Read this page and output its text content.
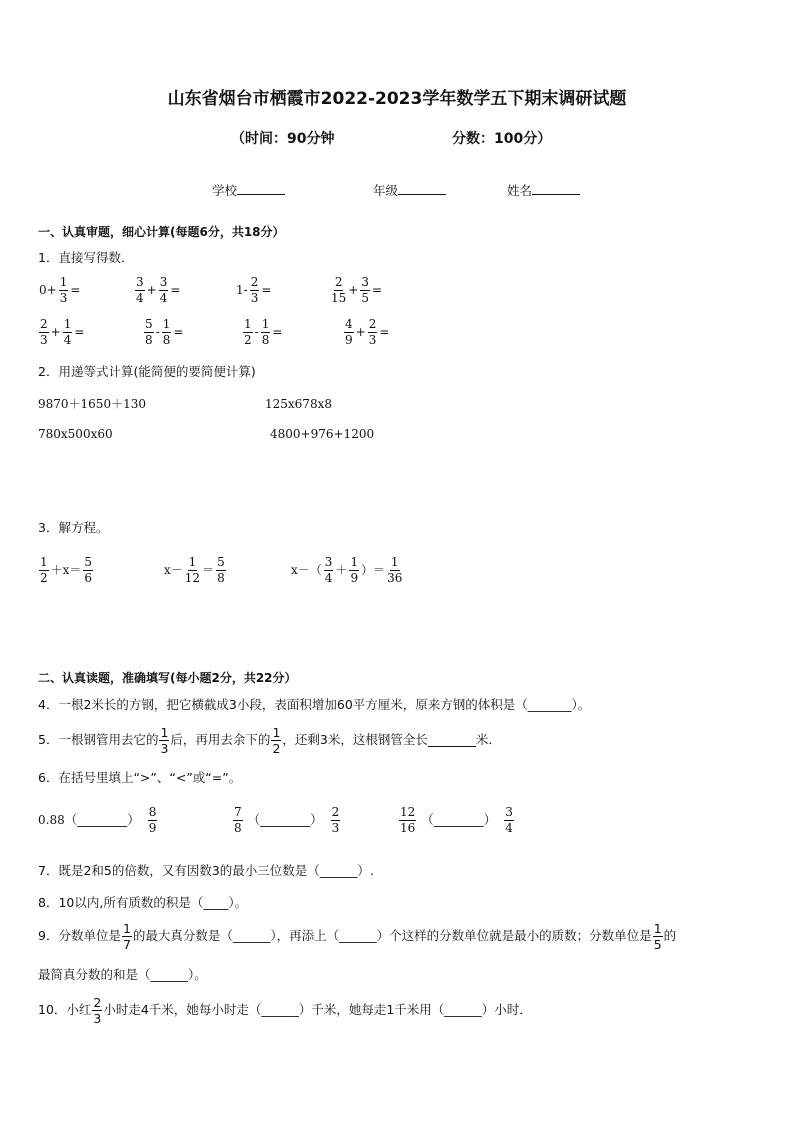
山东省烟台市栖霞市2022-2023学年数学五下期末调研试题
（时间：90分钟	分数：100分）
学校	年级	姓名
一、认真审题，细心计算(每题6分，共18分）
1．直接写得数．
$0+ \frac{1}{3}$ =	$\frac{3}{4} + \frac{3}{4}$ =	$1- \frac{2}{3}$ =	$\frac{2}{15} + \frac{3}{5}$ =
$\frac{2}{3} + \frac{1}{4}$ =	$\frac{5}{8} - \frac{1}{8}$ =	$\frac{1}{2} - \frac{1}{8}$ =	$\frac{4}{9} + \frac{2}{3}$ =
2．用递等式计算(能简便的要简便计算)
9870＋1650＋130	125x678x8
780x500x60	4800+976+1200
3．解方程。
$\frac{1}{2} +x= \frac{5}{6}$	$x- \frac{1}{12} = \frac{5}{8}$	$x-( \frac{3}{4} + \frac{1}{9}$ ）＝ $\frac{1}{36}$
二、认真读题，准确填写(每小题2分，共22分）
4．一根2米长的方钢，把它横截成3小段，表面积增加60平方厘米，原来方钢的体积是（_______）。
5．一根钢管用去它的 $\frac{1}{3}$ 后，再用去余下的 $\frac{1}{2}$ ，还剩3米，这根钢管全长
	米．
6．在括号里填上“>”、“<”或“=”。
0.88 （________） $\frac{8}{9}$	$\frac{7}{8}$ （________） $\frac{2}{3}$	$\frac{12}{16}$ （________） $\frac{3}{4}$
7．既是2和5的倍数，又有因数3的最小三位数是（______）.
8．10以内,所有质数的积是（____）。
9．分数单位是 $\frac{1}{7}$ 的最大真分数是（______），再添上（______）个这样的分数单位就是最小的质数；分数单位是 $\frac{1}{5}$ 的
最简真分数的和是（______）。
10．小红 $\frac{2}{3}$ 小时走4千米，她每小时走（______）千米，她每走1千米用（______）小时．
